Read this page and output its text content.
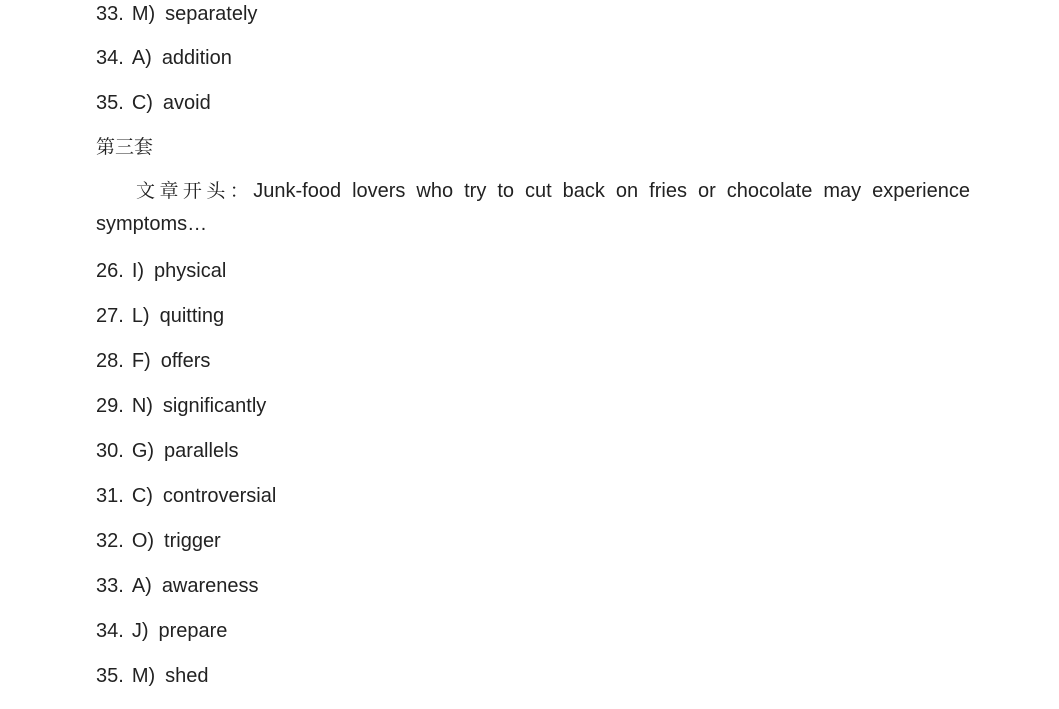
33. M) separately
34. A) addition
35. C) avoid
第三套
文章开头：Junk-food lovers who try to cut back on fries or chocolate may experience symptoms…
26. I) physical
27. L) quitting
28. F) offers
29. N) significantly
30. G) parallels
31. C) controversial
32. O) trigger
33. A) awareness
34. J) prepare
35. M) shed
